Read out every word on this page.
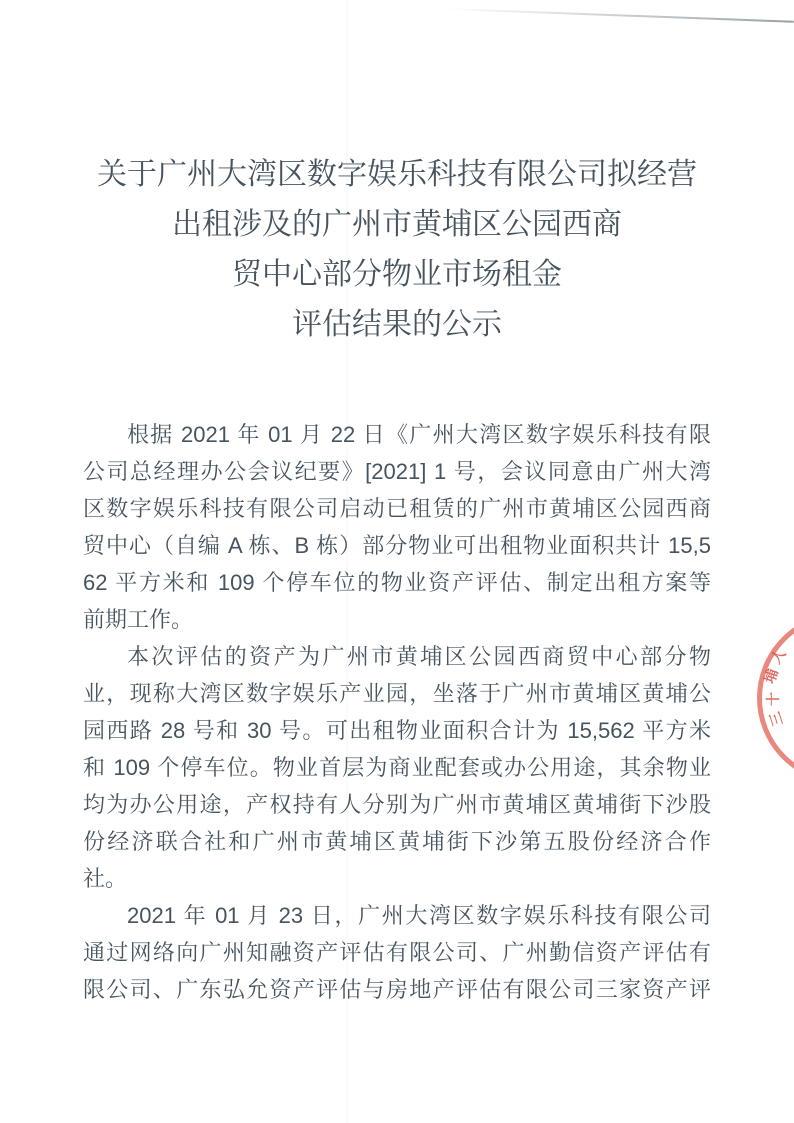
关于广州大湾区数字娱乐科技有限公司拟经营
出租涉及的广州市黄埔区公园西商
贸中心部分物业市场租金
评估结果的公示
根据 2021 年 01 月 22 日《广州大湾区数字娱乐科技有限
公司总经理办公会议纪要》[2021] 1 号，会议同意由广州大湾
区数字娱乐科技有限公司启动已租赁的广州市黄埔区公园西商
贸中心（自编 A 栋、B 栋）部分物业可出租物业面积共计 15,5
62 平方米和 109 个停车位的物业资产评估、制定出租方案等
前期工作。
本次评估的资产为广州市黄埔区公园西商贸中心部分物
业，现称大湾区数字娱乐产业园，坐落于广州市黄埔区黄埔公
园西路 28 号和 30 号。可出租物业面积合计为 15,562 平方米
和 109 个停车位。物业首层为商业配套或办公用途，其余物业
均为办公用途，产权持有人分别为广州市黄埔区黄埔街下沙股
份经济联合社和广州市黄埔区黄埔街下沙第五股份经济合作
社。
2021 年 01 月 23 日，广州大湾区数字娱乐科技有限公司
通过网络向广州知融资产评估有限公司、广州勤信资产评估有
限公司、广东弘允资产评估与房地产评估有限公司三家资产评
人
埔
十
三
